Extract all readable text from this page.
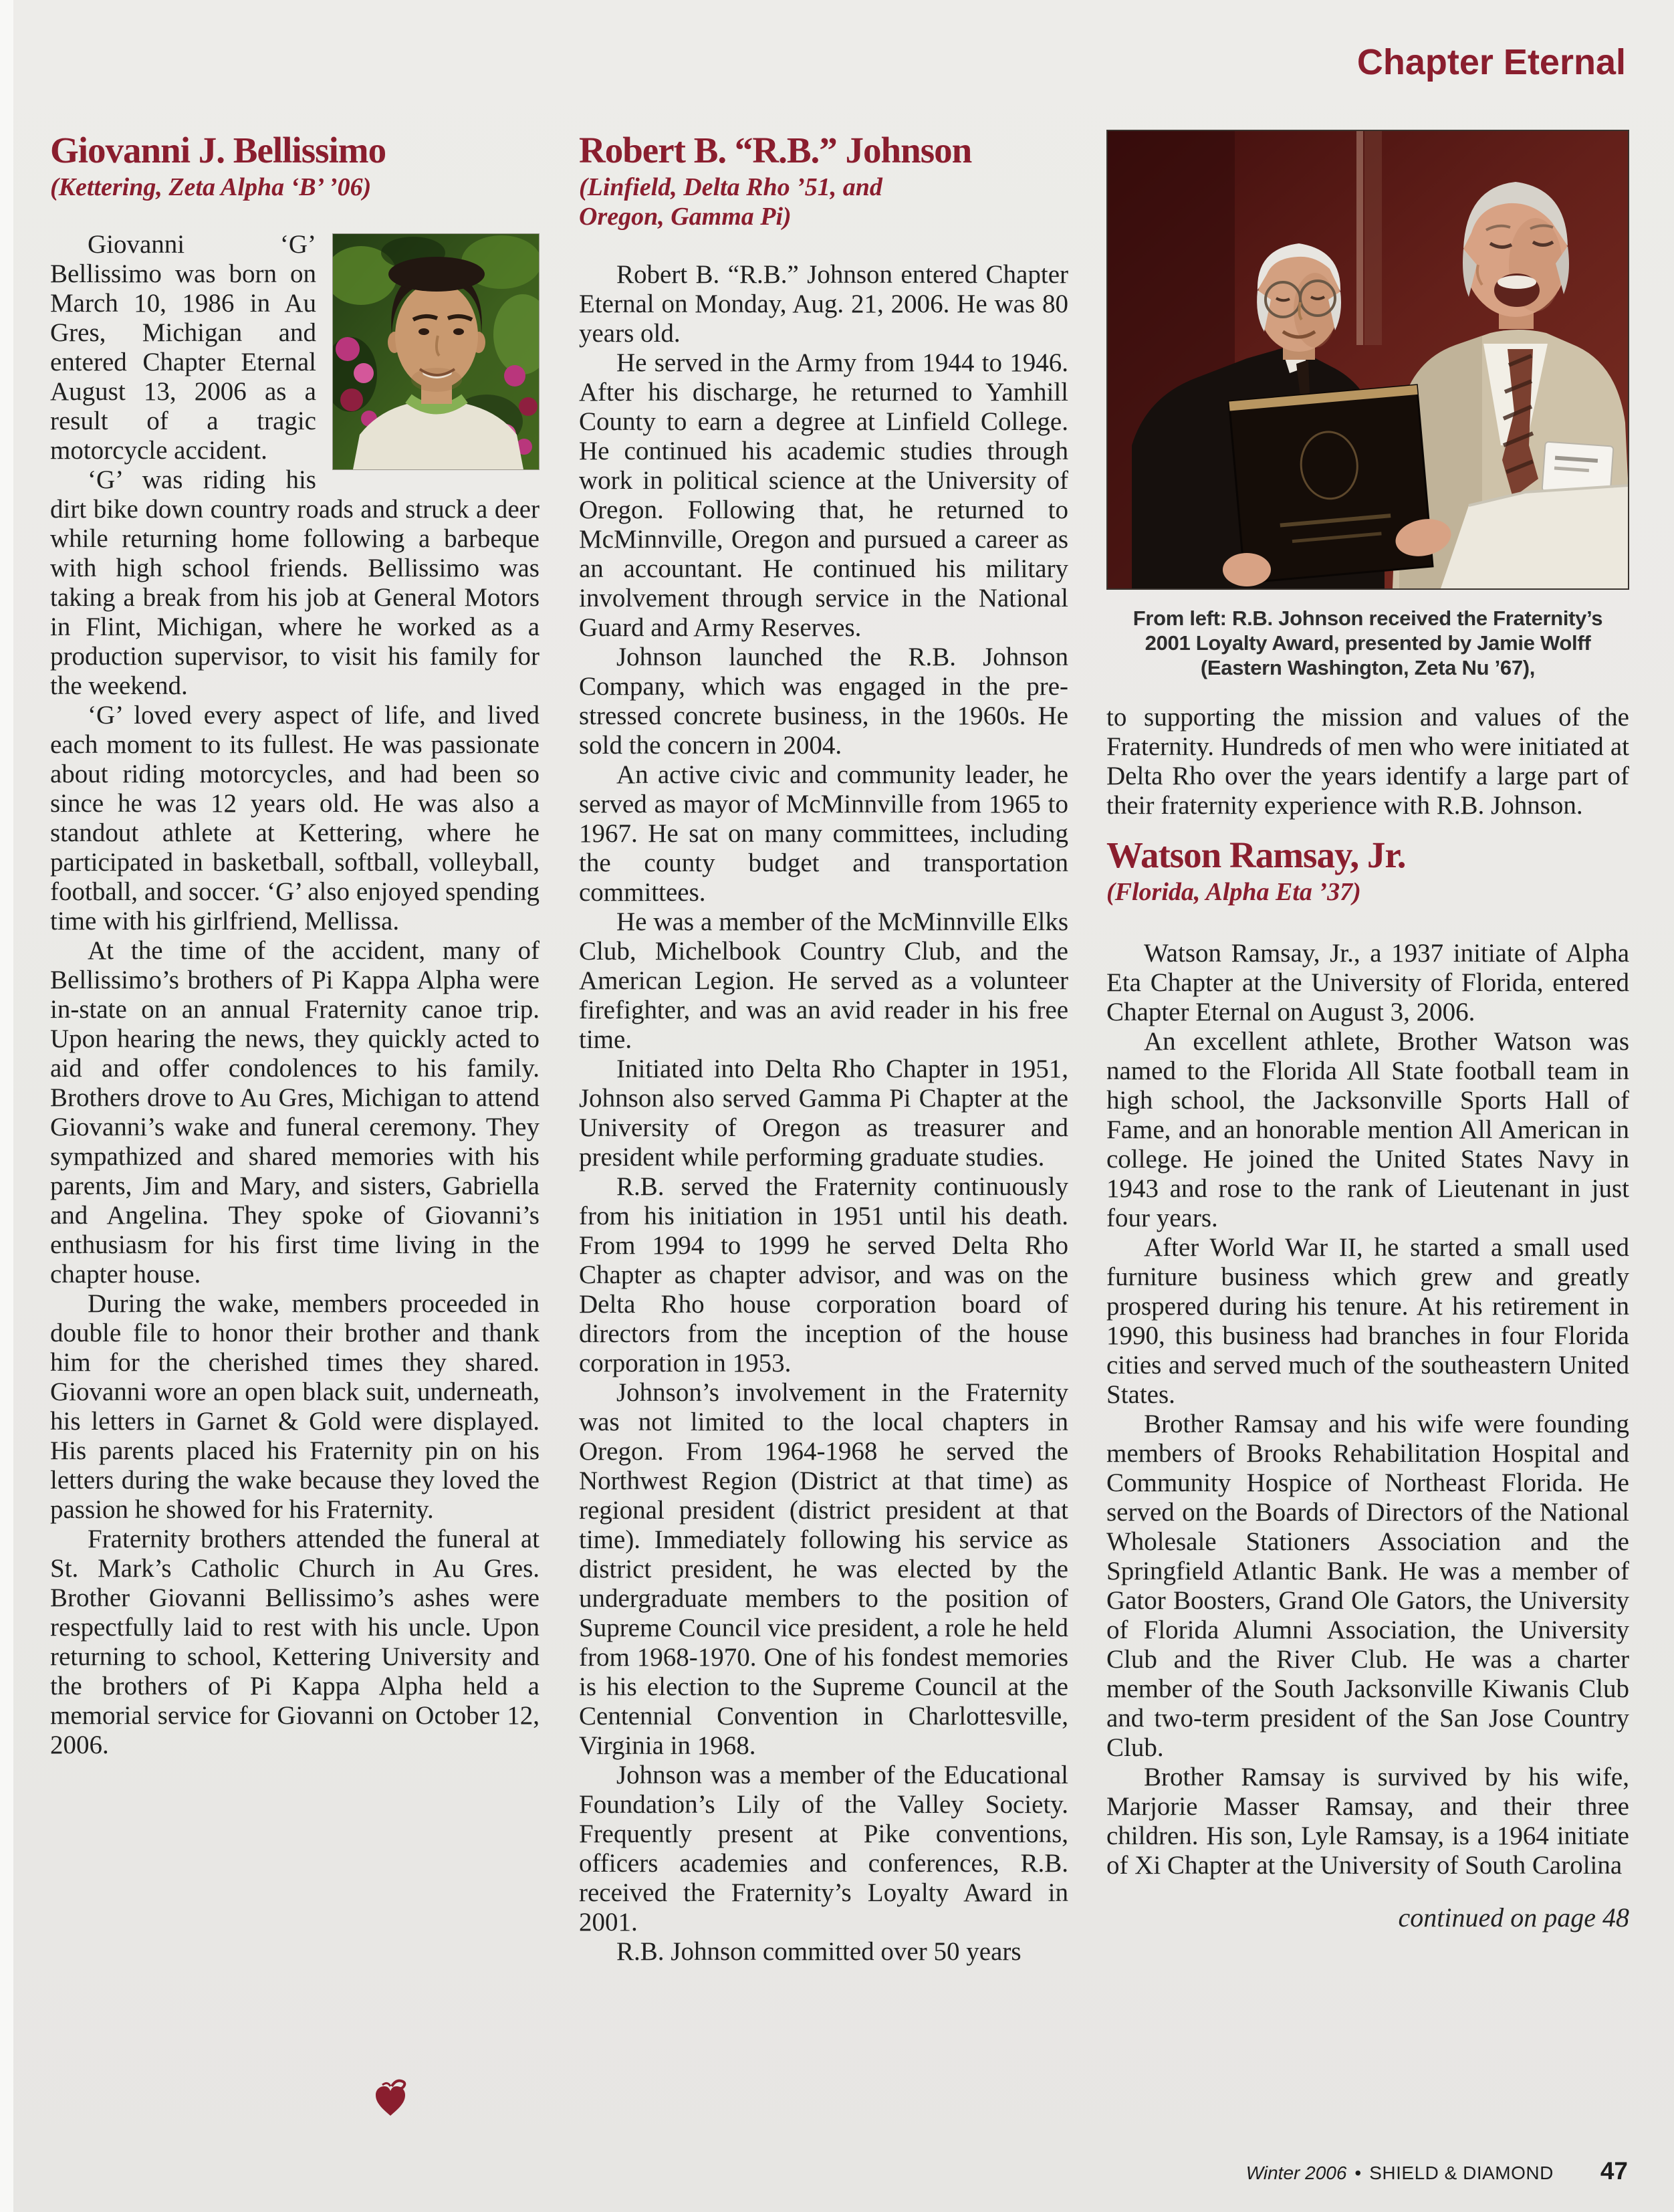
Chapter Eternal
Giovanni J. Bellissimo
(Kettering, Zeta Alpha ‘B’ ’06)

Giovanni ‘G’ Bellissimo was born on March 10, 1986 in Au Gres, Michigan and entered Chapter Eternal August 13, 2006 as a result of a tragic motorcycle accident.

‘G’ was riding his dirt bike down country roads and struck a deer while returning home following a barbeque with high school friends. Bellissimo was taking a break from his job at General Motors in Flint, Michigan, where he worked as a production supervisor, to visit his family for the weekend.

‘G’ loved every aspect of life, and lived each moment to its fullest. He was passionate about riding motorcycles, and had been so since he was 12 years old. He was also a standout athlete at Kettering, where he participated in basketball, softball, volleyball, football, and soccer. ‘G’ also enjoyed spending time with his girlfriend, Mellissa.

At the time of the accident, many of Bellissimo’s brothers of Pi Kappa Alpha were in-state on an annual Fraternity canoe trip. Upon hearing the news, they quickly acted to aid and offer condolences to his family. Brothers drove to Au Gres, Michigan to attend Giovanni’s wake and funeral ceremony. They sympathized and shared memories with his parents, Jim and Mary, and sisters, Gabriella and Angelina. They spoke of Giovanni’s enthusiasm for his first time living in the chapter house.

During the wake, members proceeded in double file to honor their brother and thank him for the cherished times they shared. Giovanni wore an open black suit, underneath, his letters in Garnet & Gold were displayed. His parents placed his Fraternity pin on his letters during the wake because they loved the passion he showed for his Fraternity.

Fraternity brothers attended the funeral at St. Mark’s Catholic Church in Au Gres. Brother Giovanni Bellissimo’s ashes were respectfully laid to rest with his uncle. Upon returning to school, Kettering University and the brothers of Pi Kappa Alpha held a memorial service for Giovanni on October 12, 2006.

Robert B. “R.B.” Johnson
(Linfield, Delta Rho ’51, and Oregon, Gamma Pi)

Robert B. “R.B.” Johnson entered Chapter Eternal on Monday, Aug. 21, 2006. He was 80 years old.

He served in the Army from 1944 to 1946. After his discharge, he returned to Yamhill County to earn a degree at Linfield College. He continued his academic studies through work in political science at the University of Oregon. Following that, he returned to McMinnville, Oregon and pursued a career as an accountant. He continued his military involvement through service in the National Guard and Army Reserves.

Johnson launched the R.B. Johnson Company, which was engaged in the pre-stressed concrete business, in the 1960s. He sold the concern in 2004.

An active civic and community leader, he served as mayor of McMinnville from 1965 to 1967. He sat on many committees, including the county budget and transportation committees.

He was a member of the McMinnville Elks Club, Michelbook Country Club, and the American Legion. He served as a volunteer firefighter, and was an avid reader in his free time.

Initiated into Delta Rho Chapter in 1951, Johnson also served Gamma Pi Chapter at the University of Oregon as treasurer and president while performing graduate studies.

R.B. served the Fraternity continuously from his initiation in 1951 until his death. From 1994 to 1999 he served Delta Rho Chapter as chapter advisor, and was on the Delta Rho house corporation board of directors from the inception of the house corporation in 1953.

Johnson’s involvement in the Fraternity was not limited to the local chapters in Oregon. From 1964-1968 he served the Northwest Region (District at that time) as regional president (district president at that time). Immediately following his service as district president, he was elected by the undergraduate members to the position of Supreme Council vice president, a role he held from 1968-1970. One of his fondest memories is his election to the Supreme Council at the Centennial Convention in Charlottesville, Virginia in 1968.

Johnson was a member of the Educational Foundation’s Lily of the Valley Society. Frequently present at Pike conventions, officers academies and conferences, R.B. received the Fraternity’s Loyalty Award in 2001.

R.B. Johnson committed over 50 years

From left: R.B. Johnson received the Fraternity’s
2001 Loyalty Award, presented by Jamie Wolff
(Eastern Washington, Zeta Nu ’67),

to supporting the mission and values of the Fraternity. Hundreds of men who were initiated at Delta Rho over the years identify a large part of their fraternity experience with R.B. Johnson.

Watson Ramsay, Jr.
(Florida, Alpha Eta ’37)

Watson Ramsay, Jr., a 1937 initiate of Alpha Eta Chapter at the University of Florida, entered Chapter Eternal on August 3, 2006.

An excellent athlete, Brother Watson was named to the Florida All State football team in high school, the Jacksonville Sports Hall of Fame, and an honorable mention All American in college. He joined the United States Navy in 1943 and rose to the rank of Lieutenant in just four years.

After World War II, he started a small used furniture business which grew and greatly prospered during his tenure. At his retirement in 1990, this business had branches in four Florida cities and served much of the southeastern United States.

Brother Ramsay and his wife were founding members of Brooks Rehabilitation Hospital and Community Hospice of Northeast Florida. He served on the Boards of Directors of the National Wholesale Stationers Association and the Springfield Atlantic Bank. He was a member of Gator Boosters, Grand Ole Gators, the University of Florida Alumni Association, the University Club and the River Club. He was a charter member of the South Jacksonville Kiwanis Club and two-term president of the San Jose Country Club.

Brother Ramsay is survived by his wife, Marjorie Masser Ramsay, and their three children. His son, Lyle Ramsay, is a 1964 initiate of Xi Chapter at the University of South Carolina

continued on page 48
Winter 2006 • SHIELD & DIAMOND 47
